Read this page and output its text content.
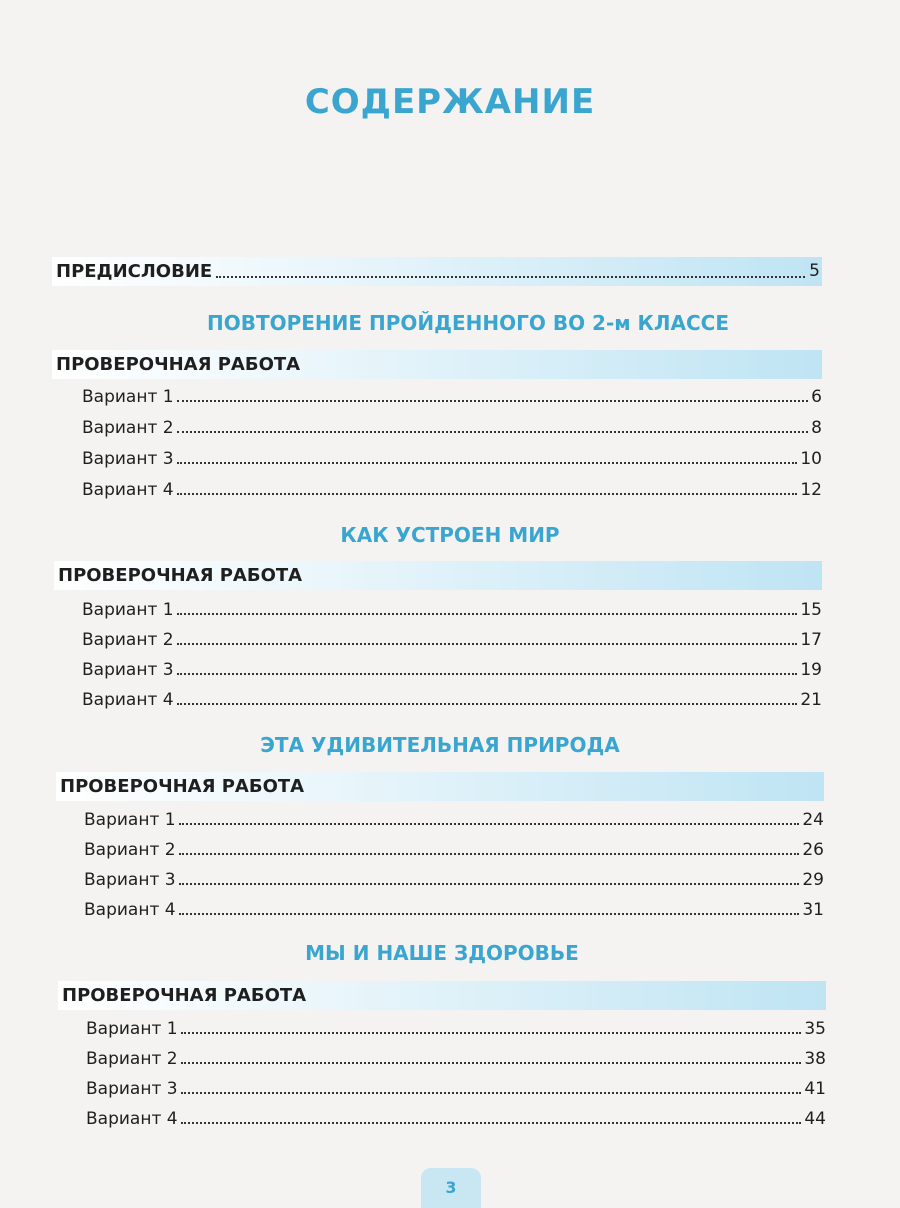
СОДЕРЖАНИЕ
ПРЕДИСЛОВИЕ	5
ПОВТОРЕНИЕ ПРОЙДЕННОГО ВО 2-м КЛАССЕ
ПРОВЕРОЧНАЯ РАБОТА
Вариант 1	6
Вариант 2	8
Вариант 3	10
Вариант 4	12
КАК УСТРОЕН МИР
ПРОВЕРОЧНАЯ РАБОТА
Вариант 1	15
Вариант 2	17
Вариант 3	19
Вариант 4	21
ЭТА УДИВИТЕЛЬНАЯ ПРИРОДА
ПРОВЕРОЧНАЯ РАБОТА
Вариант 1	24
Вариант 2	26
Вариант 3	29
Вариант 4	31
МЫ И НАШЕ ЗДОРОВЬЕ
ПРОВЕРОЧНАЯ РАБОТА
Вариант 1	35
Вариант 2	38
Вариант 3	41
Вариант 4	44
3
